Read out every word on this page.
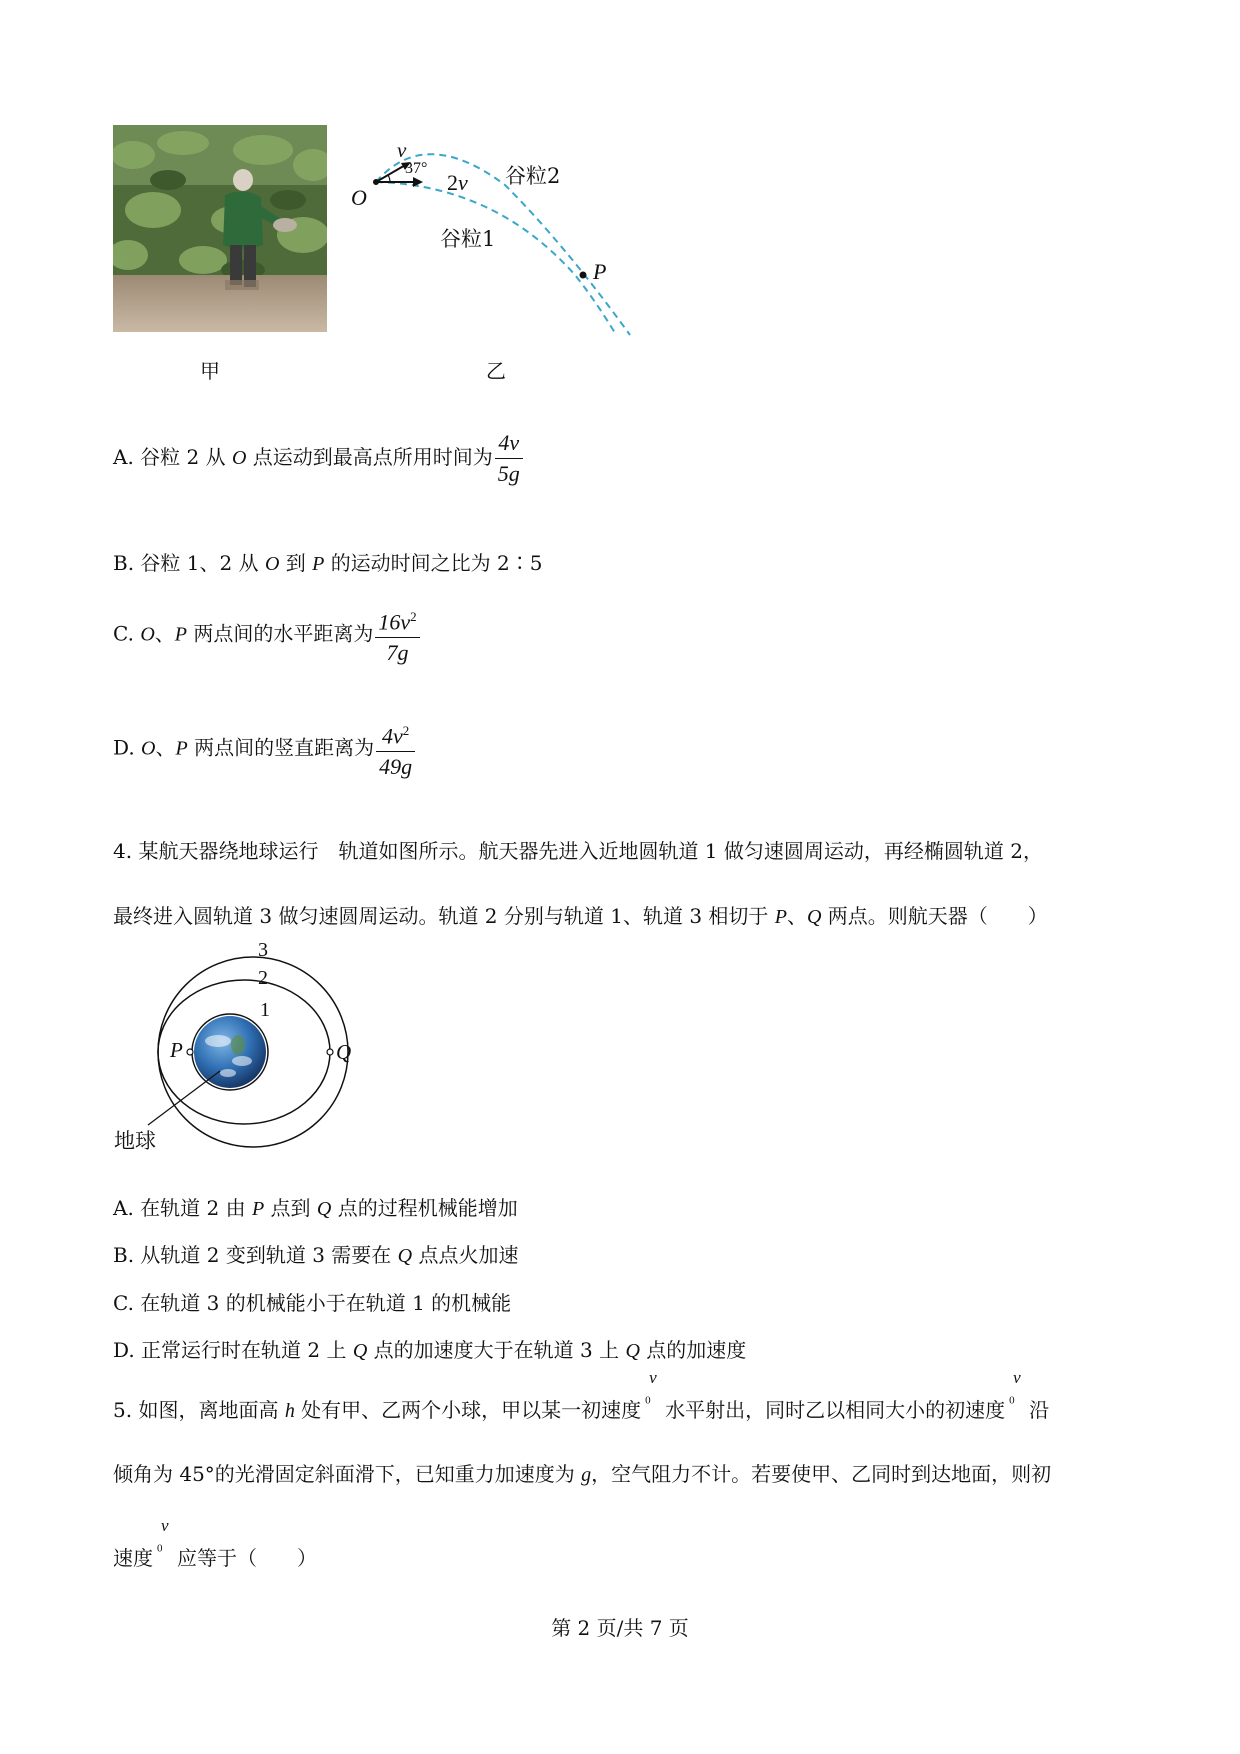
O
v
37°
2v 谷粒2
谷粒1
P
甲	乙
A. 谷粒 2 从 O 点运动到最高点所用时间为 $\frac{4v}{5g}$
B. 谷粒 1、2 从 O 到 P 的运动时间之比为 2∶5
C. O、P 两点间的水平距离为 $\frac{16v^2}{7g}$
D. O、P 两点间的竖直距离为 $\frac{4v^2}{49g}$
4. 某航天器绕地球运行　轨道如图所示。航天器先进入近地圆轨道 1 做匀速圆周运动，再经椭圆轨道 2，
最终进入圆轨道 3 做匀速圆周运动。轨道 2 分别与轨道 1、轨道 3 相切于 P、Q 两点。则航天器（　　）
3
2
1
P	Q
地球
A. 在轨道 2 由 P 点到 Q 点的过程机械能增加
B. 从轨道 2 变到轨道 3 需要在 Q 点点火加速
C. 在轨道 3 的机械能小于在轨道 1 的机械能
D. 正常运行时在轨道 2 上 Q 点的加速度大于在轨道 3 上 Q 点的加速度
5. 如图，离地面高 h 处有甲、乙两个小球，甲以某一初速度
v
$_0$ 水平射出，同时乙以相同大小的初速度
v
$_0$ 沿
倾角为 45°的光滑固定斜面滑下，已知重力加速度为 g，空气阻力不计。若要使甲、乙同时到达地面，则初
速度
v
$_0$ 应等于（　　）
第 2 页/共 7 页
